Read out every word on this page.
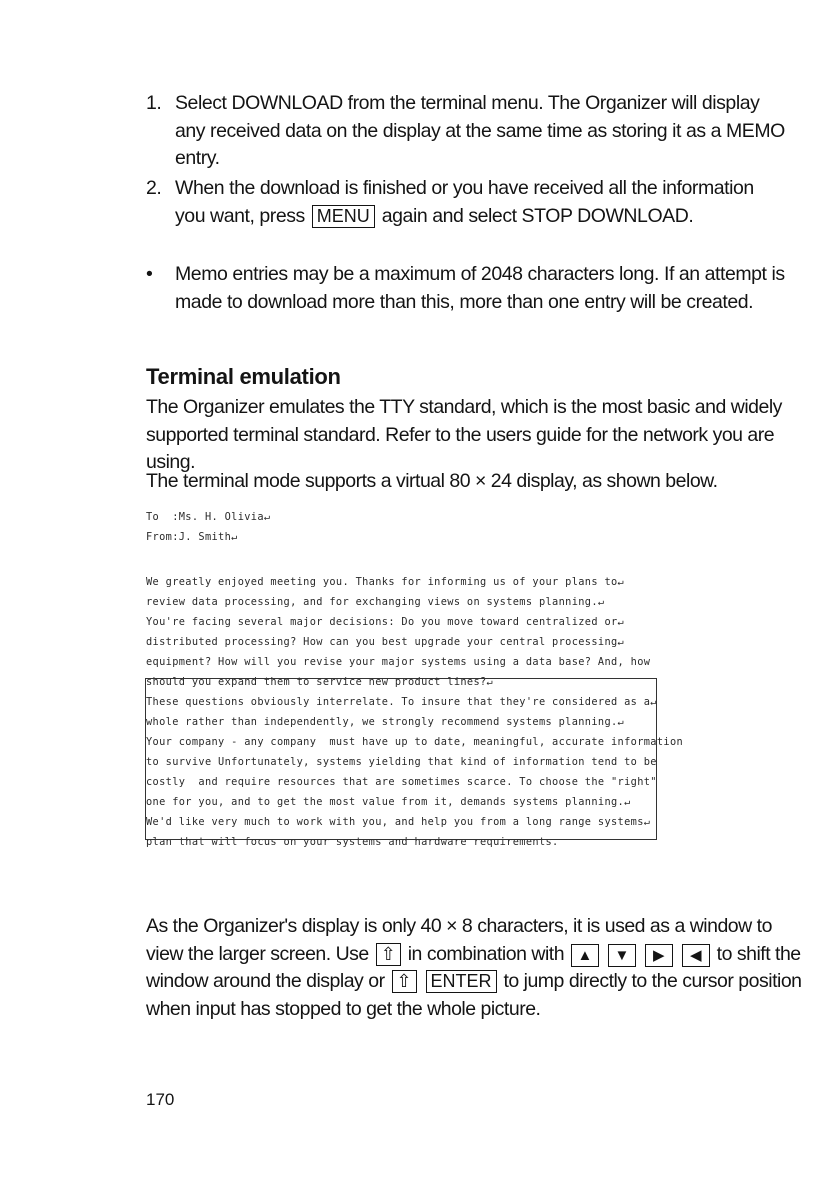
1. Select DOWNLOAD from the terminal menu. The Organizer will display any received data on the display at the same time as storing it as a MEMO entry.
2. When the download is finished or you have received all the information you want, press MENU again and select STOP DOWNLOAD.
• Memo entries may be a maximum of 2048 characters long. If an attempt is made to download more than this, more than one entry will be created.
Terminal emulation
The Organizer emulates the TTY standard, which is the most basic and widely supported terminal standard. Refer to the users guide for the network you are using.
The terminal mode supports a virtual 80 × 24 display, as shown below.
To  :Ms. H. Olivia↵
From:J. Smith↵
We greatly enjoyed meeting you. Thanks for informing us of your plans to↵
review data processing, and for exchanging views on systems planning.↵
You're facing several major decisions: Do you move toward centralized or↵
distributed processing? How can you best upgrade your central processing↵
equipment? How will you revise your major systems using a data base? And, how
should you expand them to service new product lines?↵
These questions obviously interrelate. To insure that they're considered as a↵
whole rather than independently, we strongly recommend systems planning.↵
Your company - any company  must have up to date, meaningful, accurate information
to survive Unfortunately, systems yielding that kind of information tend to be
costly  and require resources that are sometimes scarce. To choose the "right"
one for you, and to get the most value from it, demands systems planning.↵
We'd like very much to work with you, and help you from a long range systems↵
plan that will focus on your systems and hardware requirements.
As the Organizer's display is only 40 × 8 characters, it is used as a window to view the larger screen. Use ⇧ in combination with ▲ ▼ ▶ ◀ to shift the window around the display or ⇧ ENTER to jump directly to the cursor position when input has stopped to get the whole picture.
170
